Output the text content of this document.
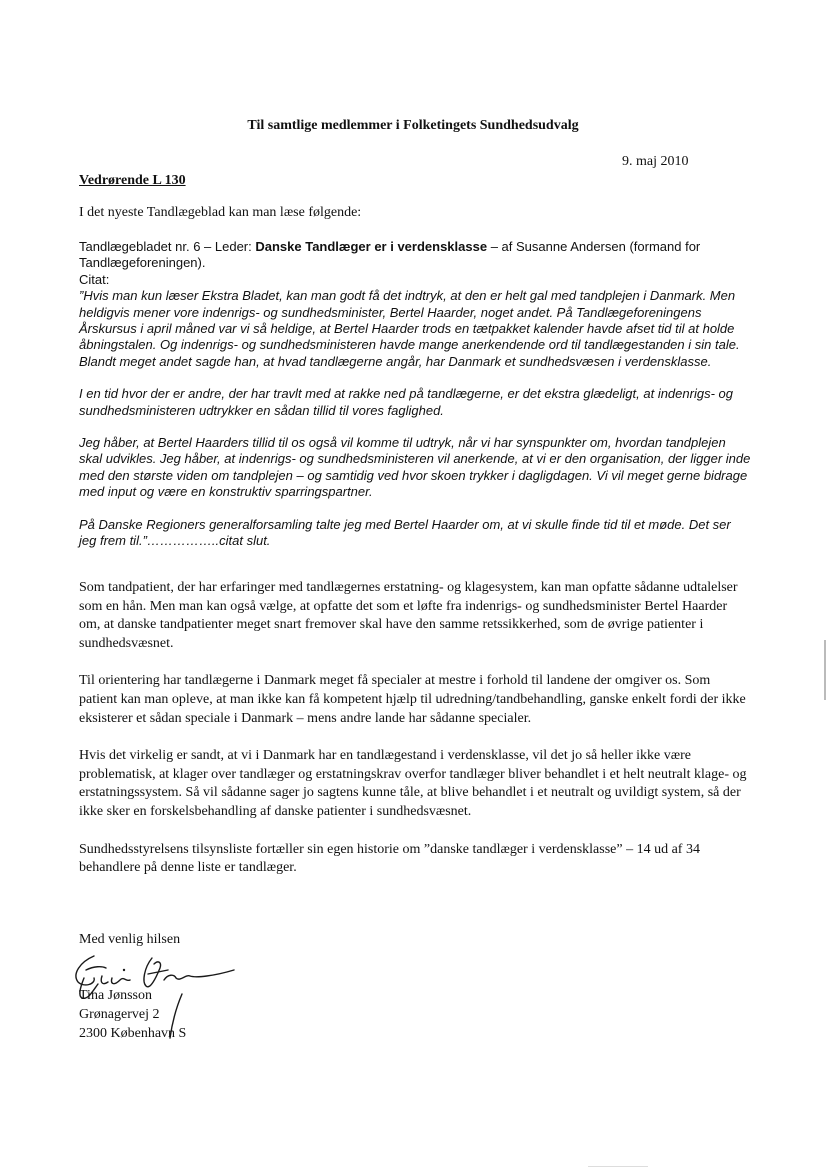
Til samtlige medlemmer i Folketingets Sundhedsudvalg
9. maj 2010
Vedrørende L 130
I det nyeste Tandlægeblad kan man læse følgende:

Tandlægebladet nr. 6 – Leder: Danske Tandlæger er i verdensklasse – af Susanne Andersen (formand for Tandlægeforeningen).

Citat:

”Hvis man kun læser Ekstra Bladet, kan man godt få det indtryk, at den er helt gal med tandplejen i Danmark. Men heldigvis mener vore indenrigs- og sundhedsminister, Bertel Haarder, noget andet. På Tandlægeforeningens Årskursus i april måned var vi så heldige, at Bertel Haarder trods en tætpakket kalender havde afset tid til at holde åbningstalen. Og indenrigs- og sundhedsministeren havde mange anerkendende ord til tandlægestanden i sin tale. Blandt meget andet sagde han, at hvad tandlægerne angår, har Danmark et sundhedsvæsen i verdensklasse.

I en tid hvor der er andre, der har travlt med at rakke ned på tandlægerne, er det ekstra glædeligt, at indenrigs- og sundhedsministeren udtrykker en sådan tillid til vores faglighed.

Jeg håber, at Bertel Haarders tillid til os også vil komme til udtryk, når vi har synspunkter om, hvordan tandplejen skal udvikles. Jeg håber, at indenrigs- og sundhedsministeren vil anerkende, at vi er den organisation, der ligger inde med den største viden om tandplejen – og samtidig ved hvor skoen trykker i dagligdagen. Vi vil meget gerne bidrage med input og være en konstruktiv sparringspartner.

På Danske Regioners generalforsamling talte jeg med Bertel Haarder om, at vi skulle finde tid til et møde. Det ser jeg frem til.”……………..citat slut.

Som tandpatient, der har erfaringer med tandlægernes erstatning- og klagesystem, kan man opfatte sådanne udtalelser som en hån. Men man kan også vælge, at opfatte det som et løfte fra indenrigs- og sundhedsminister Bertel Haarder om, at danske tandpatienter meget snart fremover skal have den samme retssikkerhed, som de øvrige patienter i sundhedsvæsnet.

Til orientering har tandlægerne i Danmark meget få specialer at mestre i forhold til landene der omgiver os. Som patient kan man opleve, at man ikke kan få kompetent hjælp til udredning/tandbehandling, ganske enkelt fordi der ikke eksisterer et sådan speciale i Danmark – mens andre lande har sådanne specialer.

Hvis det virkelig er sandt, at vi i Danmark har en tandlægestand i verdensklasse, vil det jo så heller ikke være problematisk, at klager over tandlæger og erstatningskrav overfor tandlæger bliver behandlet i et helt neutralt klage- og erstatningssystem. Så vil sådanne sager jo sagtens kunne tåle, at blive behandlet i et neutralt og uvildigt system, så der ikke sker en forskelsbehandling af danske patienter i sundhedsvæsnet.

Sundhedsstyrelsens tilsynsliste fortæller sin egen historie om ”danske tandlæger i verdensklasse” – 14 ud af 34 behandlere på denne liste er tandlæger.

Med venlig hilsen
Tina Jønsson
Grønagervej 2
2300 København S
